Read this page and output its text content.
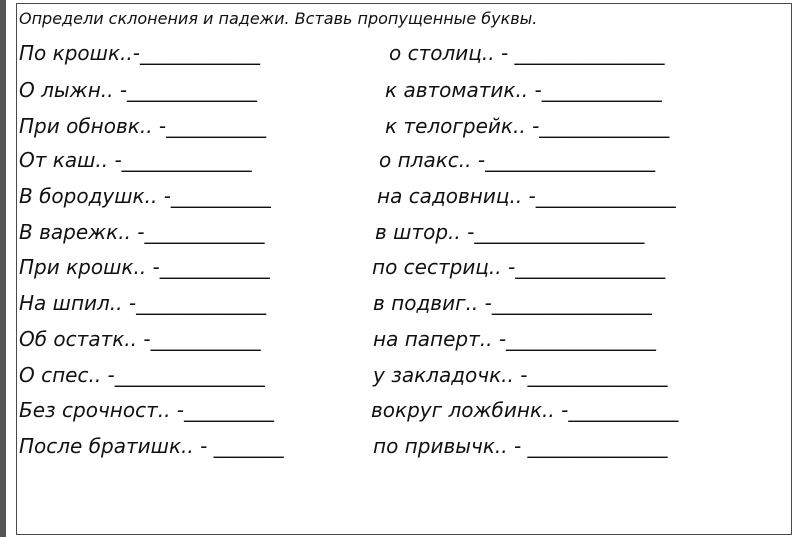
Определи склонения и падежи. Вставь пропущенные буквы.
По крошк..-____________	о столиц.. - _______________
О лыжн.. -_____________	к автоматик.. -____________
При обновк.. -__________	к телогрейк.. -_____________
От каш.. -_____________	о плакс.. -_________________
В бородушк.. -__________	на садовниц.. -______________
В варежк.. -____________	в штор.. -_________________
При крошк.. -___________	по сестриц.. -_______________
На шпил.. -_____________	в подвиг.. -________________
Об остатк.. -___________	на паперт.. -_______________
О спес.. -_______________	у закладочк.. -______________
Без срочност.. -_________	вокруг ложбинк.. -___________
После братишк.. - _______	по привычк.. - ______________
